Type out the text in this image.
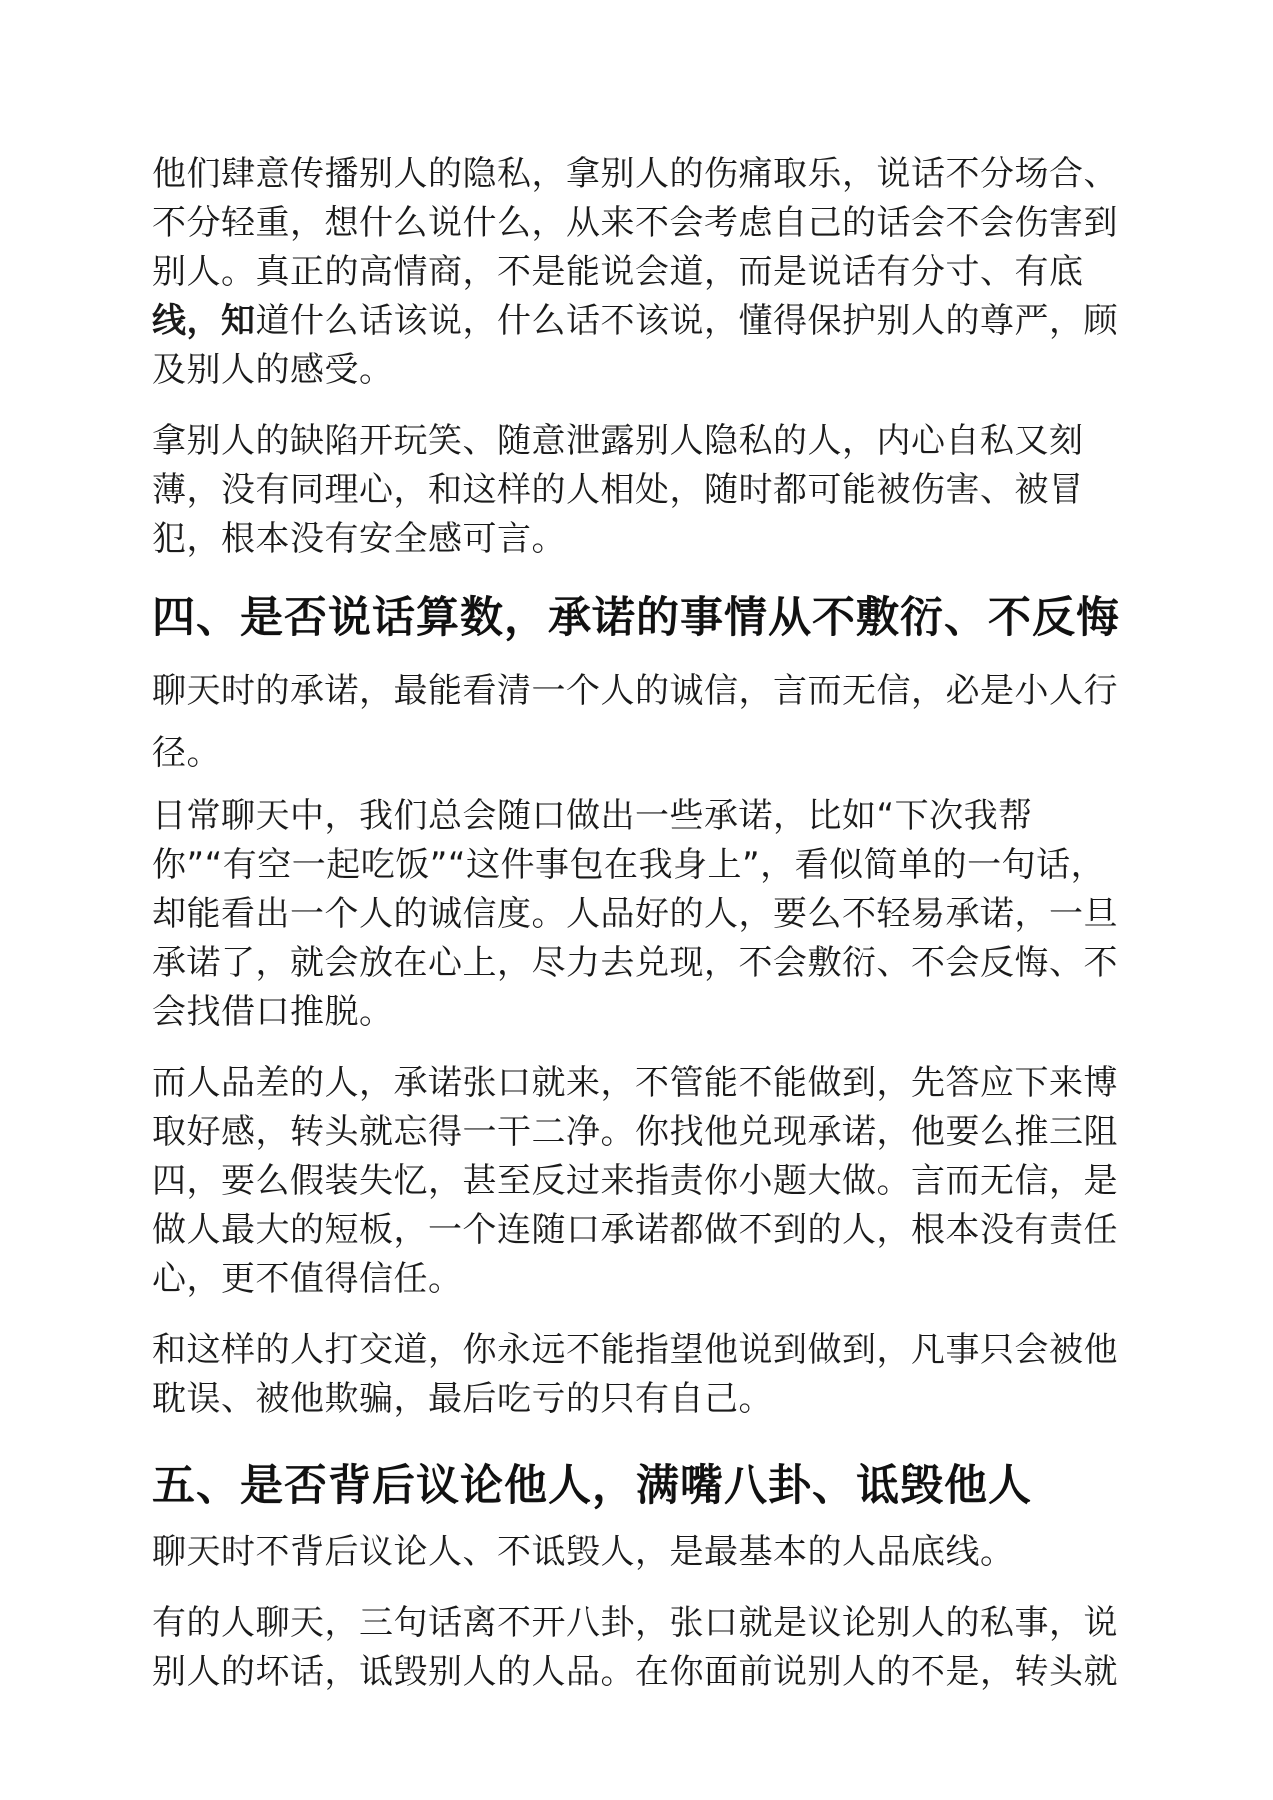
他们肆意传播别人的隐私，拿别人的伤痛取乐，说话不分场合、不分轻重，想什么说什么，从来不会考虑自己的话会不会伤害到别人。真正的高情商，不是能说会道，而是说话有分寸、有底线，知道什么话该说，什么话不该说，懂得保护别人的尊严，顾及别人的感受。

拿别人的缺陷开玩笑、随意泄露别人隐私的人，内心自私又刻薄，没有同理心，和这样的人相处，随时都可能被伤害、被冒犯，根本没有安全感可言。

四、是否说话算数，承诺的事情从不敷衍、不反悔

聊天时的承诺，最能看清一个人的诚信，言而无信，必是小人行径。

日常聊天中，我们总会随口做出一些承诺，比如“下次我帮你”“有空一起吃饭”“这件事包在我身上”，看似简单的一句话，却能看出一个人的诚信度。人品好的人，要么不轻易承诺，一旦承诺了，就会放在心上，尽力去兑现，不会敷衍、不会反悔、不会找借口推脱。

而人品差的人，承诺张口就来，不管能不能做到，先答应下来博取好感，转头就忘得一干二净。你找他兑现承诺，他要么推三阻四，要么假装失忆，甚至反过来指责你小题大做。言而无信，是做人最大的短板，一个连随口承诺都做不到的人，根本没有责任心，更不值得信任。

和这样的人打交道，你永远不能指望他说到做到，凡事只会被他耽误、被他欺骗，最后吃亏的只有自己。

五、是否背后议论他人，满嘴八卦、诋毁他人

聊天时不背后议论人、不诋毁人，是最基本的人品底线。

有的人聊天，三句话离不开八卦，张口就是议论别人的私事，说别人的坏话，诋毁别人的人品。在你面前说别人的不是，转头就
